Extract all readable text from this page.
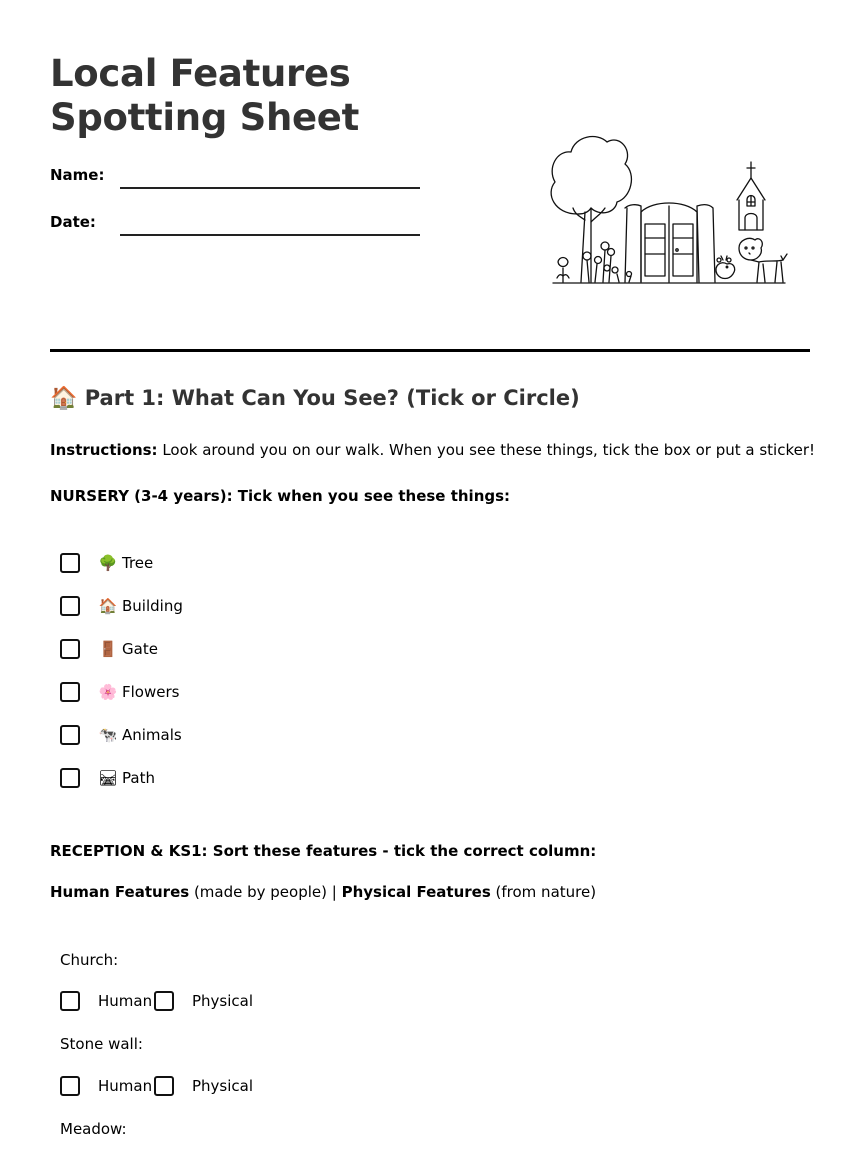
Local Features Spotting Sheet
Name:
Date:
🏠 Part 1: What Can You See? (Tick or Circle)

Instructions: Look around you on our walk. When you see these things, tick the box or put a sticker!

NURSERY (3-4 years): Tick when you see these things:

🌳 Tree
🏠 Building
🚪 Gate
🌸 Flowers
🐄 Animals
🛤 Path

RECEPTION & KS1: Sort these features - tick the correct column:

Human Features (made by people) | Physical Features (from nature)

Church:
Human	Physical
Stone wall:
Human	Physical
Meadow:
